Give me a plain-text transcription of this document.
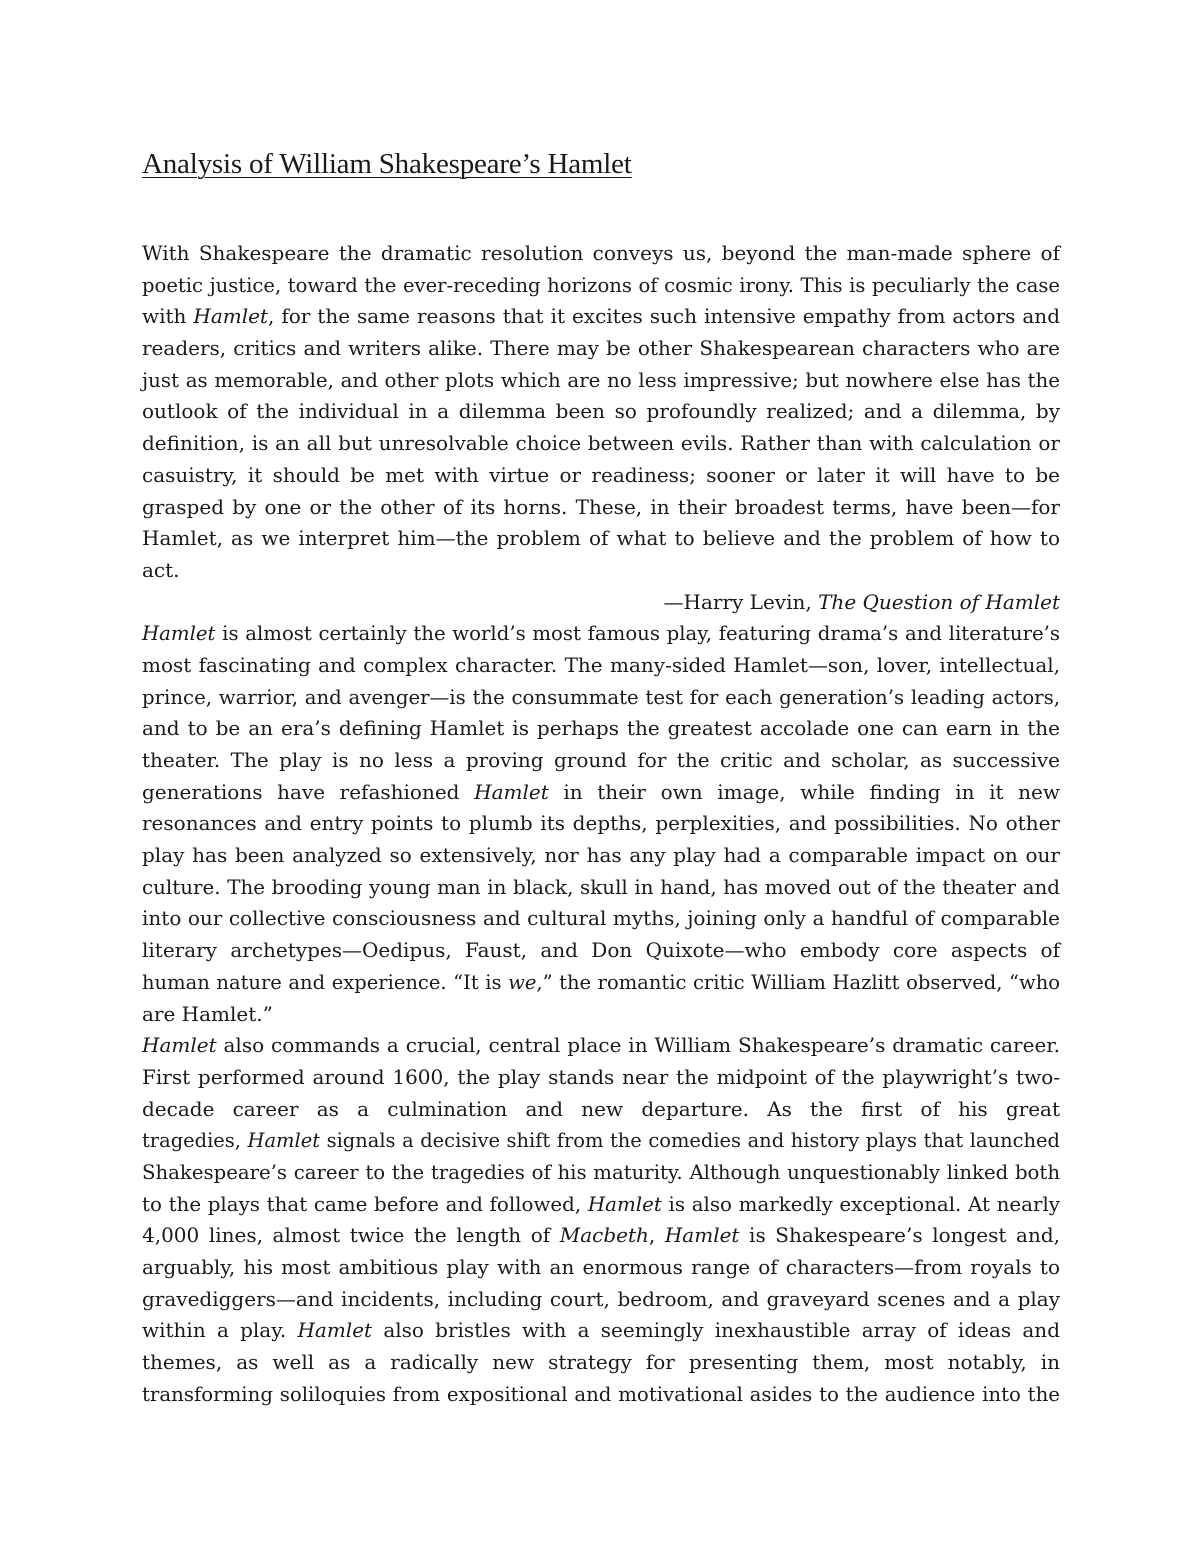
Analysis of William Shakespeare’s Hamlet
With Shakespeare the dramatic resolution conveys us, beyond the man-made sphere of
poetic justice, toward the ever-receding horizons of cosmic irony. This is peculiarly the case
with Hamlet, for the same reasons that it excites such intensive empathy from actors and
readers, critics and writers alike. There may be other Shakespearean characters who are
just as memorable, and other plots which are no less impressive; but nowhere else has the
outlook of the individual in a dilemma been so profoundly realized; and a dilemma, by
definition, is an all but unresolvable choice between evils. Rather than with calculation or
casuistry, it should be met with virtue or readiness; sooner or later it will have to be
grasped by one or the other of its horns. These, in their broadest terms, have been—for
Hamlet, as we interpret him—the problem of what to believe and the problem of how to
act.
—Harry Levin, The Question of Hamlet
Hamlet is almost certainly the world’s most famous play, featuring drama’s and literature’s
most fascinating and complex character. The many-sided Hamlet—son, lover, intellectual,
prince, warrior, and avenger—is the consummate test for each generation’s leading actors,
and to be an era’s defining Hamlet is perhaps the greatest accolade one can earn in the
theater. The play is no less a proving ground for the critic and scholar, as successive
generations have refashioned Hamlet in their own image, while finding in it new
resonances and entry points to plumb its depths, perplexities, and possibilities. No other
play has been analyzed so extensively, nor has any play had a comparable impact on our
culture. The brooding young man in black, skull in hand, has moved out of the theater and
into our collective consciousness and cultural myths, joining only a handful of comparable
literary archetypes—Oedipus, Faust, and Don Quixote—who embody core aspects of
human nature and experience. “It is we,” the romantic critic William Hazlitt observed, “who
are Hamlet.”
Hamlet also commands a crucial, central place in William Shakespeare’s dramatic career.
First performed around 1600, the play stands near the midpoint of the playwright’s two-
decade career as a culmination and new departure. As the first of his great
tragedies, Hamlet signals a decisive shift from the comedies and history plays that launched
Shakespeare’s career to the tragedies of his maturity. Although unquestionably linked both
to the plays that came before and followed, Hamlet is also markedly exceptional. At nearly
4,000 lines, almost twice the length of Macbeth, Hamlet is Shakespeare’s longest and,
arguably, his most ambitious play with an enormous range of characters—from royals to
gravediggers—and incidents, including court, bedroom, and graveyard scenes and a play
within a play. Hamlet also bristles with a seemingly inexhaustible array of ideas and
themes, as well as a radically new strategy for presenting them, most notably, in
transforming soliloquies from expositional and motivational asides to the audience into the
